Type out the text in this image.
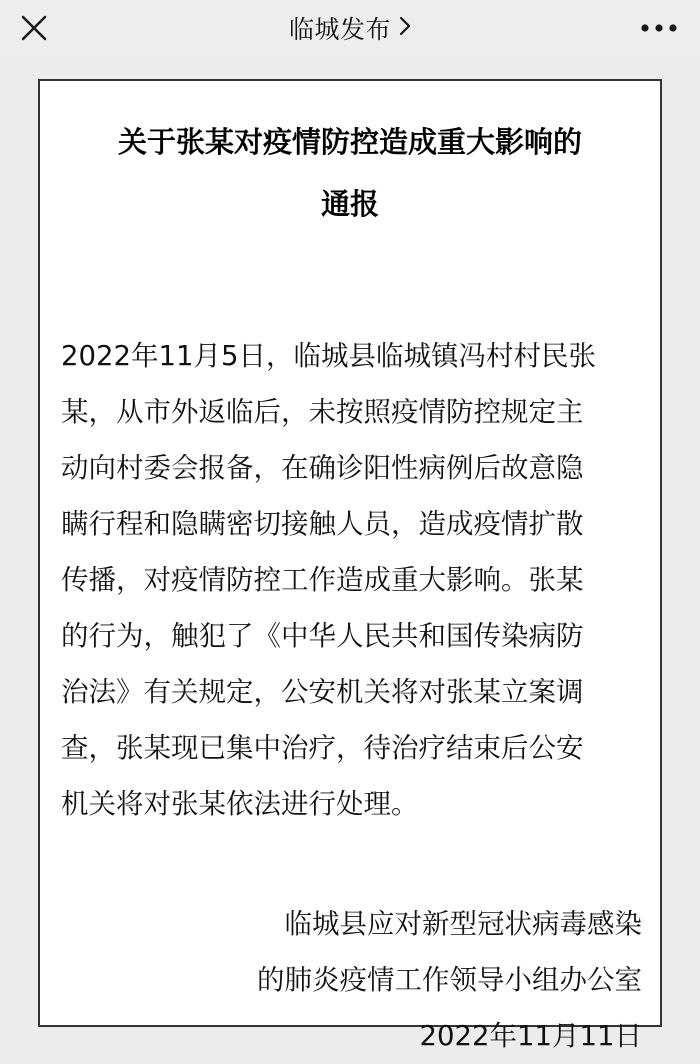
临城发布
关于张某对疫情防控造成重大影响的
通报
2022年11月5日，临城县临城镇冯村村民张
某，从市外返临后，未按照疫情防控规定主
动向村委会报备，在确诊阳性病例后故意隐
瞒行程和隐瞒密切接触人员，造成疫情扩散
传播，对疫情防控工作造成重大影响。张某
的行为，触犯了《中华人民共和国传染病防
治法》有关规定，公安机关将对张某立案调
查，张某现已集中治疗，待治疗结束后公安
机关将对张某依法进行处理。
临城县应对新型冠状病毒感染
的肺炎疫情工作领导小组办公室
2022年11月11日
